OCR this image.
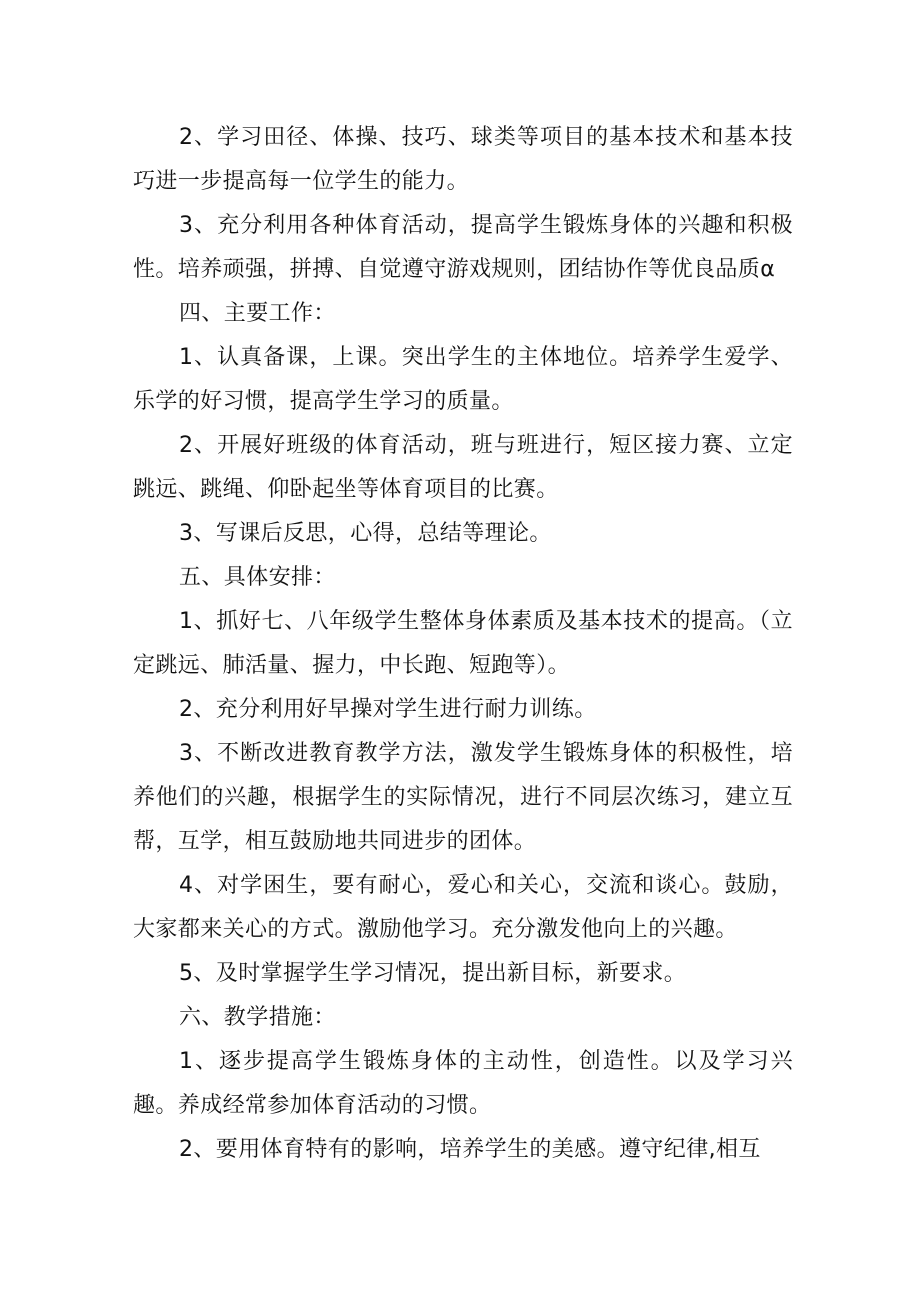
2、学习田径、体操、技巧、球类等项目的基本技术和基本技巧进一步提高每一位学生的能力。

3、充分利用各种体育活动，提高学生锻炼身体的兴趣和积极性。培养顽强，拼搏、自觉遵守游戏规则，团结协作等优良品质α

四、主要工作：

1、认真备课，上课。突出学生的主体地位。培养学生爱学、乐学的好习惯，提高学生学习的质量。

2、开展好班级的体育活动，班与班进行，短区接力赛、立定跳远、跳绳、仰卧起坐等体育项目的比赛。

3、写课后反思，心得，总结等理论。

五、具体安排：

1、抓好七、八年级学生整体身体素质及基本技术的提高。（立定跳远、肺活量、握力，中长跑、短跑等）。

2、充分利用好早操对学生进行耐力训练。

3、不断改进教育教学方法，激发学生锻炼身体的积极性，培养他们的兴趣，根据学生的实际情况，进行不同层次练习，建立互帮，互学，相互鼓励地共同进步的团体。

4、对学困生，要有耐心，爱心和关心，交流和谈心。鼓励，大家都来关心的方式。激励他学习。充分激发他向上的兴趣。

5、及时掌握学生学习情况，提出新目标，新要求。

六、教学措施：

1、逐步提高学生锻炼身体的主动性，创造性。以及学习兴趣。养成经常参加体育活动的习惯。

2、要用体育特有的影响，培养学生的美感。遵守纪律,相互
